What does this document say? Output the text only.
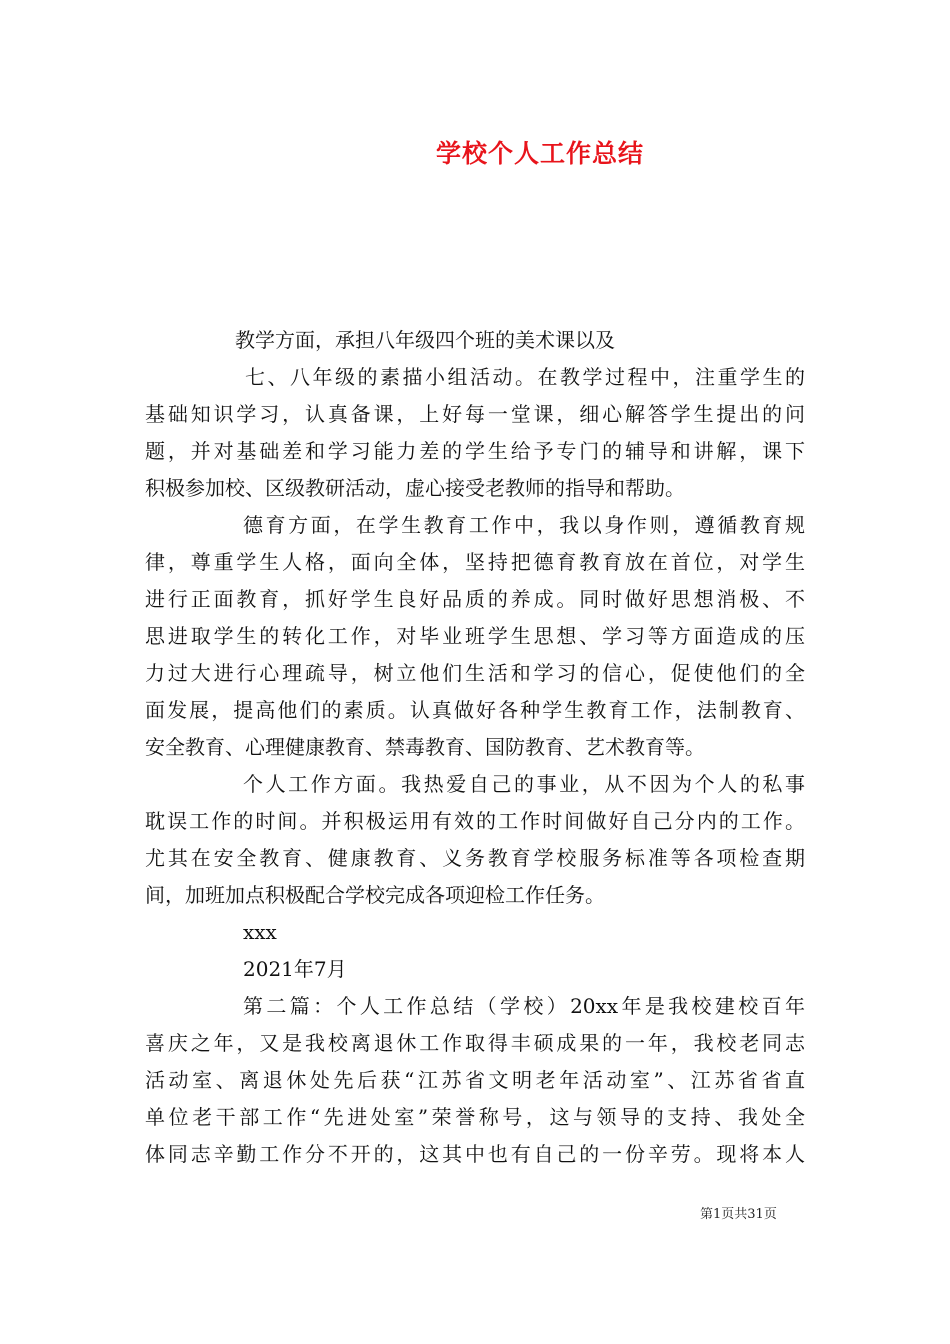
学校个人工作总结
教学方面，承担八年级四个班的美术课以及
七、八年级的素描小组活动。在教学过程中，注重学生的
基础知识学习，认真备课，上好每一堂课，细心解答学生提出的问
题，并对基础差和学习能力差的学生给予专门的辅导和讲解，课下
积极参加校、区级教研活动，虚心接受老教师的指导和帮助。
德育方面，在学生教育工作中，我以身作则，遵循教育规
律，尊重学生人格，面向全体，坚持把德育教育放在首位，对学生
进行正面教育，抓好学生良好品质的养成。同时做好思想消极、不
思进取学生的转化工作，对毕业班学生思想、学习等方面造成的压
力过大进行心理疏导，树立他们生活和学习的信心，促使他们的全
面发展，提高他们的素质。认真做好各种学生教育工作，法制教育、
安全教育、心理健康教育、禁毒教育、国防教育、艺术教育等。
个人工作方面。我热爱自己的事业，从不因为个人的私事
耽误工作的时间。并积极运用有效的工作时间做好自己分内的工作。
尤其在安全教育、健康教育、义务教育学校服务标准等各项检查期
间，加班加点积极配合学校完成各项迎检工作任务。
xxx
2021年7月
第二篇：个人工作总结（学校）20xx年是我校建校百年
喜庆之年，又是我校离退休工作取得丰硕成果的一年，我校老同志
活动室、离退休处先后获“江苏省文明老年活动室”、江苏省省直
单位老干部工作“先进处室”荣誉称号，这与领导的支持、我处全
体同志辛勤工作分不开的，这其中也有自己的一份辛劳。现将本人
第1页共31页
